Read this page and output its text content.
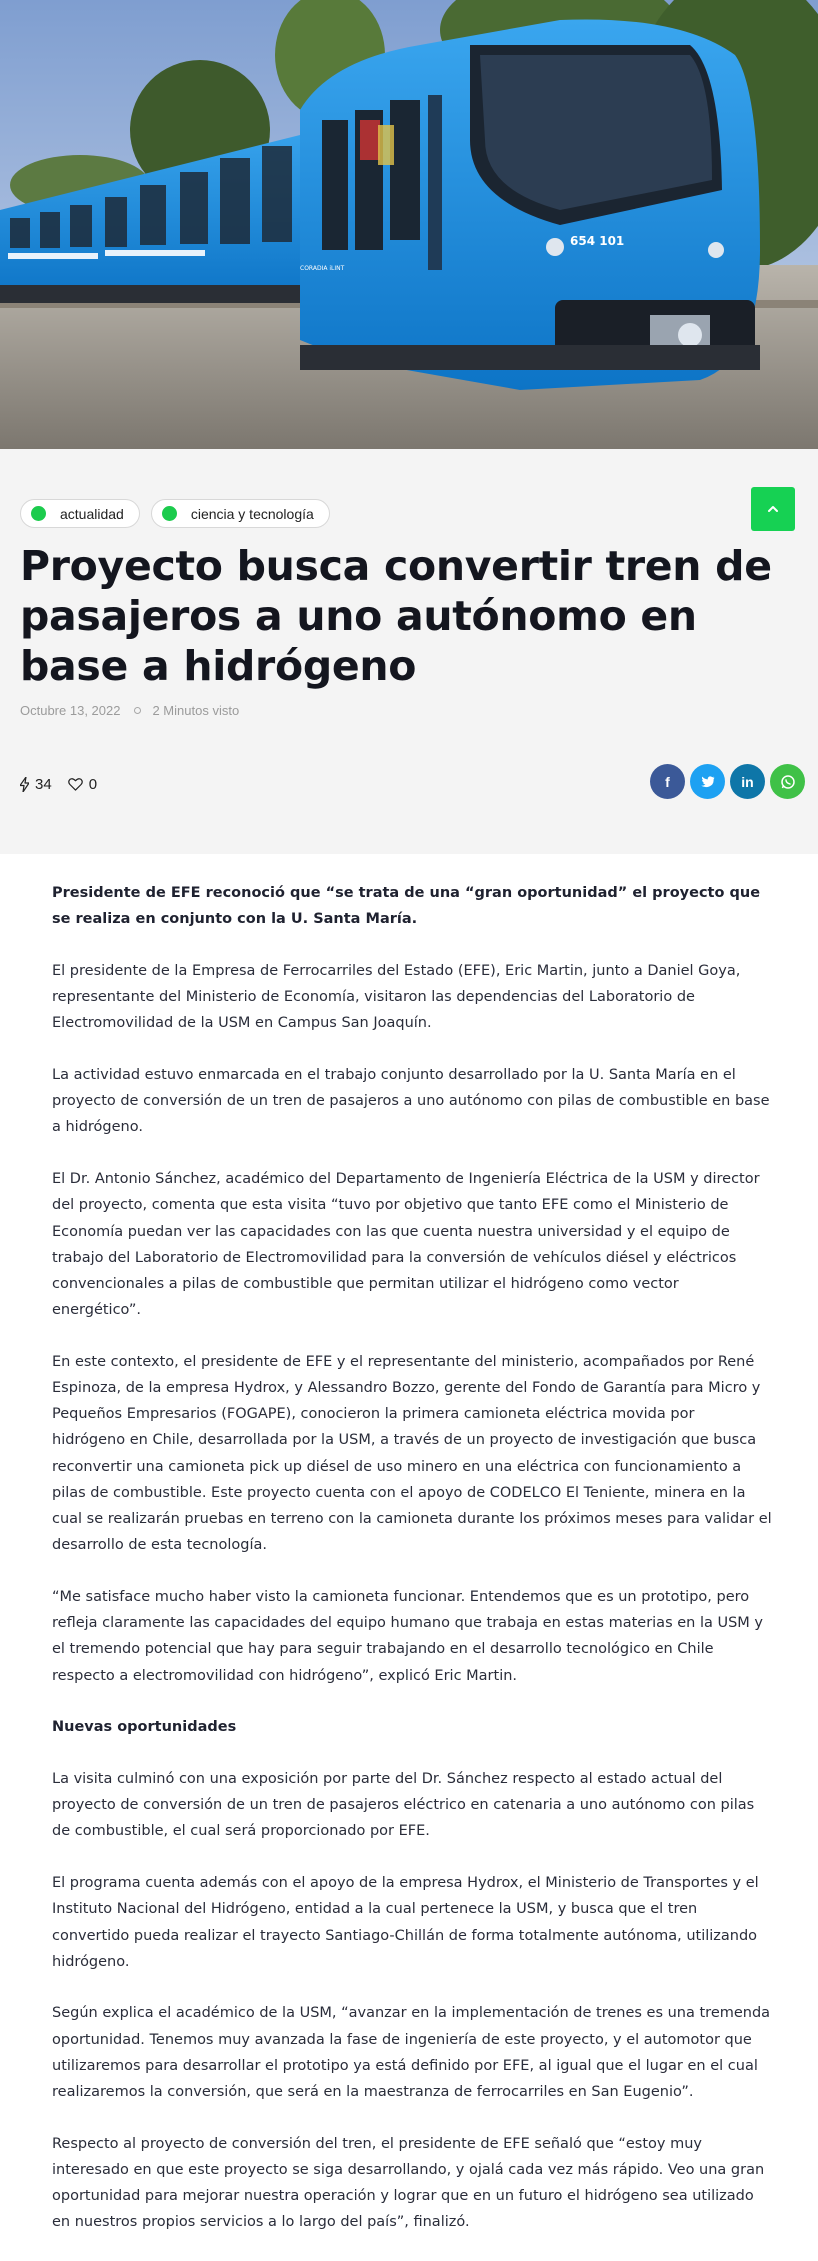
654 101
CORADIA iLINT
actualidad	ciencia y tecnología
Proyecto busca convertir tren de pasajeros a uno autónomo en base a hidrógeno
Octubre 13, 2022 2 Minutos visto
34 0	f	in

Presidente de EFE reconoció que “se trata de una “gran oportunidad” el proyecto que se realiza en conjunto con la U. Santa María.

El presidente de la Empresa de Ferrocarriles del Estado (EFE), Eric Martin, junto a Daniel Goya, representante del Ministerio de Economía, visitaron las dependencias del Laboratorio de Electromovilidad de la USM en Campus San Joaquín.

La actividad estuvo enmarcada en el trabajo conjunto desarrollado por la U. Santa María en el proyecto de conversión de un tren de pasajeros a uno autónomo con pilas de combustible en base a hidrógeno.

El Dr. Antonio Sánchez, académico del Departamento de Ingeniería Eléctrica de la USM y director del proyecto, comenta que esta visita “tuvo por objetivo que tanto EFE como el Ministerio de Economía puedan ver las capacidades con las que cuenta nuestra universidad y el equipo de trabajo del Laboratorio de Electromovilidad para la conversión de vehículos diésel y eléctricos convencionales a pilas de combustible que permitan utilizar el hidrógeno como vector energético”.

En este contexto, el presidente de EFE y el representante del ministerio, acompañados por René Espinoza, de la empresa Hydrox, y Alessandro Bozzo, gerente del Fondo de Garantía para Micro y Pequeños Empresarios (FOGAPE), conocieron la primera camioneta eléctrica movida por hidrógeno en Chile, desarrollada por la USM, a través de un proyecto de investigación que busca reconvertir una camioneta pick up diésel de uso minero en una eléctrica con funcionamiento a pilas de combustible. Este proyecto cuenta con el apoyo de CODELCO El Teniente, minera en la cual se realizarán pruebas en terreno con la camioneta durante los próximos meses para validar el desarrollo de esta tecnología.

“Me satisface mucho haber visto la camioneta funcionar. Entendemos que es un prototipo, pero refleja claramente las capacidades del equipo humano que trabaja en estas materias en la USM y el tremendo potencial que hay para seguir trabajando en el desarrollo tecnológico en Chile respecto a electromovilidad con hidrógeno”, explicó Eric Martin.

Nuevas oportunidades

La visita culminó con una exposición por parte del Dr. Sánchez respecto al estado actual del proyecto de conversión de un tren de pasajeros eléctrico en catenaria a uno autónomo con pilas de combustible, el cual será proporcionado por EFE.

El programa cuenta además con el apoyo de la empresa Hydrox, el Ministerio de Transportes y el Instituto Nacional del Hidrógeno, entidad a la cual pertenece la USM, y busca que el tren convertido pueda realizar el trayecto Santiago-Chillán de forma totalmente autónoma, utilizando hidrógeno.

Según explica el académico de la USM, “avanzar en la implementación de trenes es una tremenda oportunidad. Tenemos muy avanzada la fase de ingeniería de este proyecto, y el automotor que utilizaremos para desarrollar el prototipo ya está definido por EFE, al igual que el lugar en el cual realizaremos la conversión, que será en la maestranza de ferrocarriles en San Eugenio”.

Respecto al proyecto de conversión del tren, el presidente de EFE señaló que “estoy muy interesado en que este proyecto se siga desarrollando, y ojalá cada vez más rápido. Veo una gran oportunidad para mejorar nuestra operación y lograr que en un futuro el hidrógeno sea utilizado en nuestros propios servicios a lo largo del país”, finalizó.
